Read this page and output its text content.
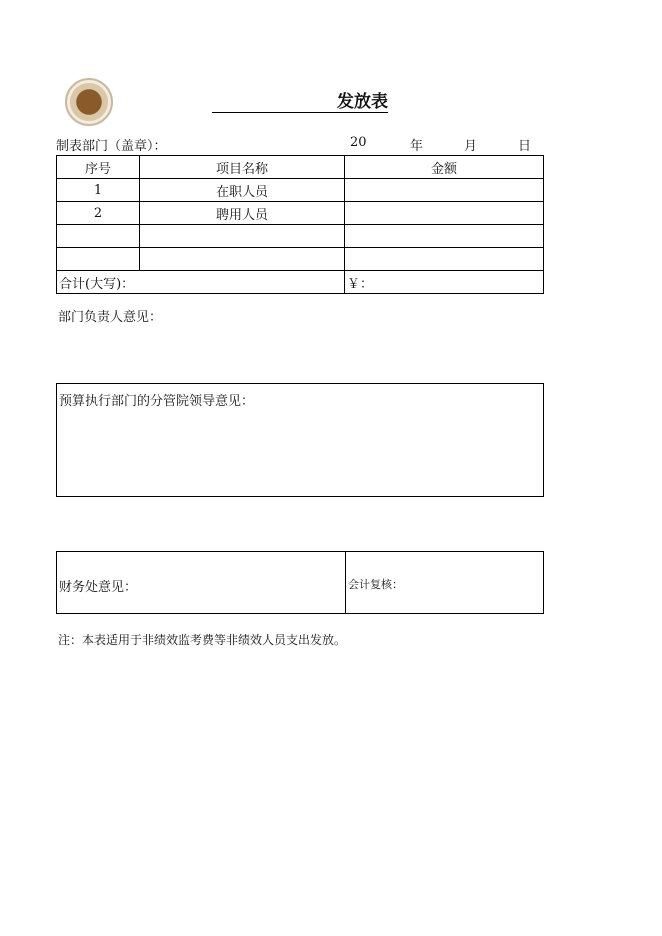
发放表
制表部门（盖章）：	20	年	月	日
序号	项目名称	金额
1	在职人员	
2	聘用人员	

合计(大写)：		￥：
部门负责人意见：
预算执行部门的分管院领导意见：
财务处意见：	会计复核：
注：本表适用于非绩效监考费等非绩效人员支出发放。
